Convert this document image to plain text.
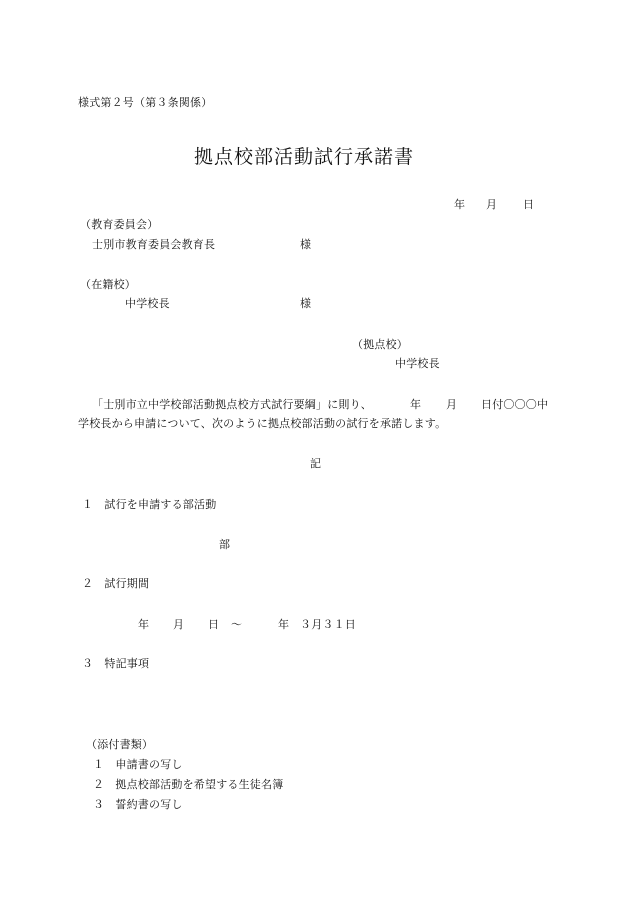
様式第２号（第３条関係）
拠点校部活動試行承諾書
年 月 日
（教育委員会）
士別市教育委員会教育長	様
（在籍校）
中学校長	様
（拠点校）
中学校長
「士別市立中学校部活動拠点校方式試行要綱」に則り、	年 月 日付〇〇〇中
学校長から申請について、次のように拠点校部活動の試行を承諾します。
記
１　試行を申請する部活動
部
２　試行期間
年 月 日 ～	年 ３月３１日
３　特記事項
（添付書類）
１　申請書の写し
２　拠点校部活動を希望する生徒名簿
３　誓約書の写し
